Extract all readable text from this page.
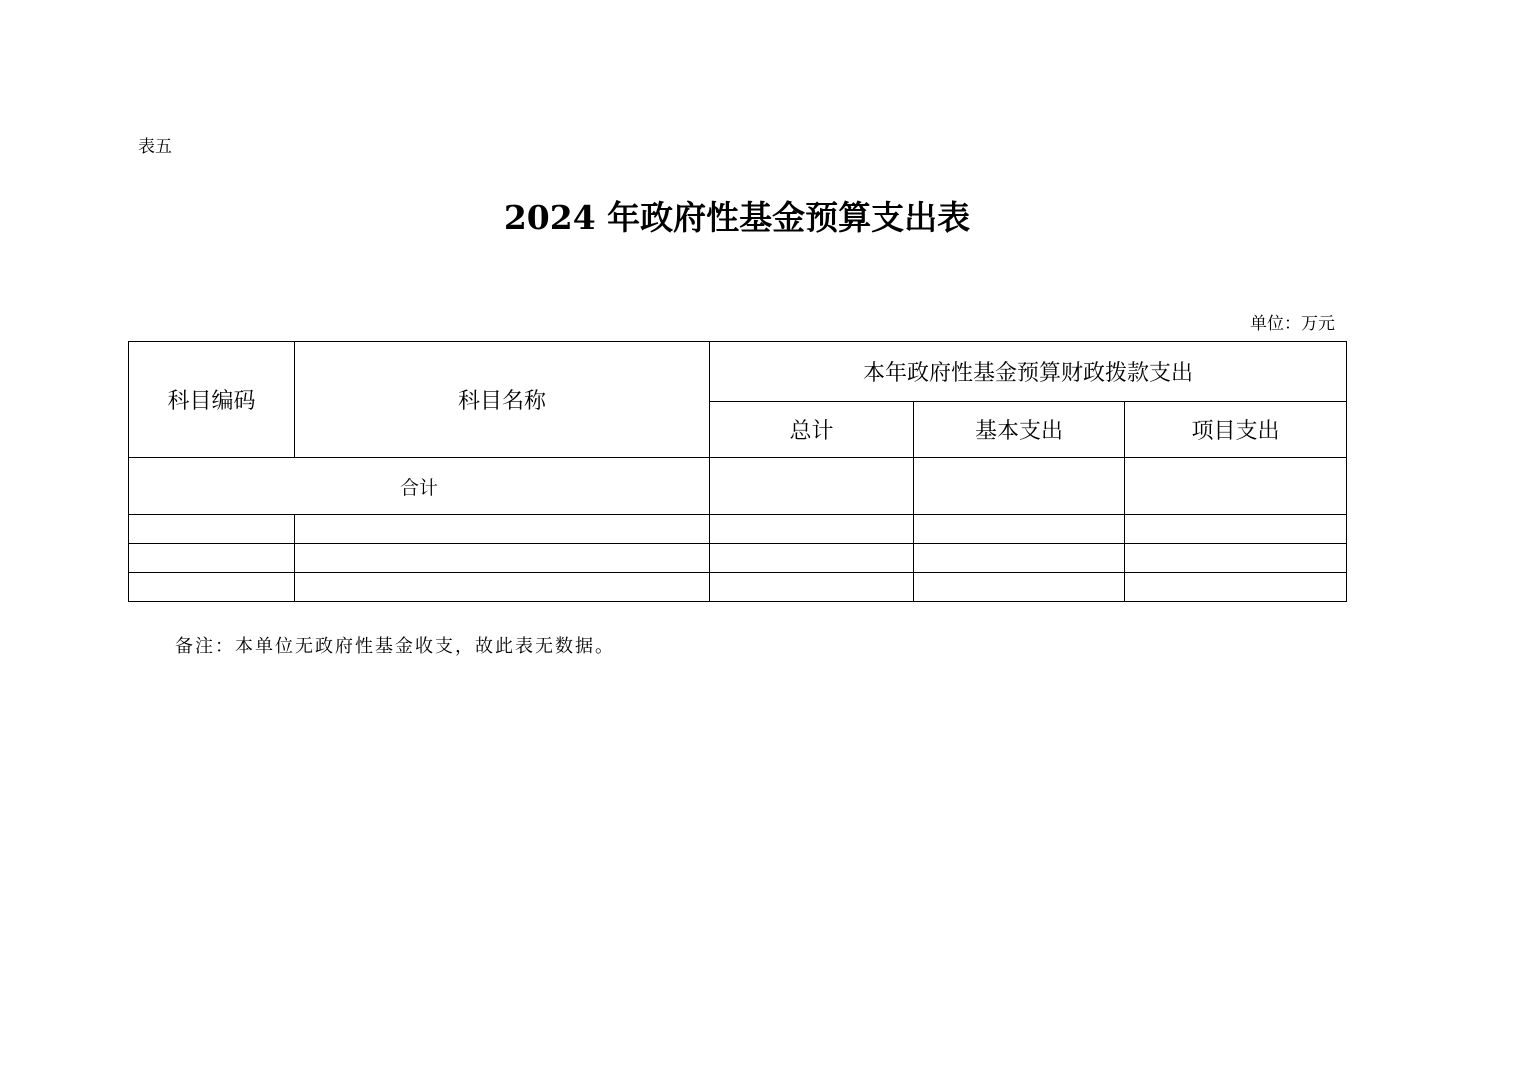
表五
2024 年政府性基金预算支出表
单位：万元
科目编码	科目名称	本年政府性基金预算财政拨款支出		
		总计	基本支出	项目支出
合计				

备注：本单位无政府性基金收支，故此表无数据。
